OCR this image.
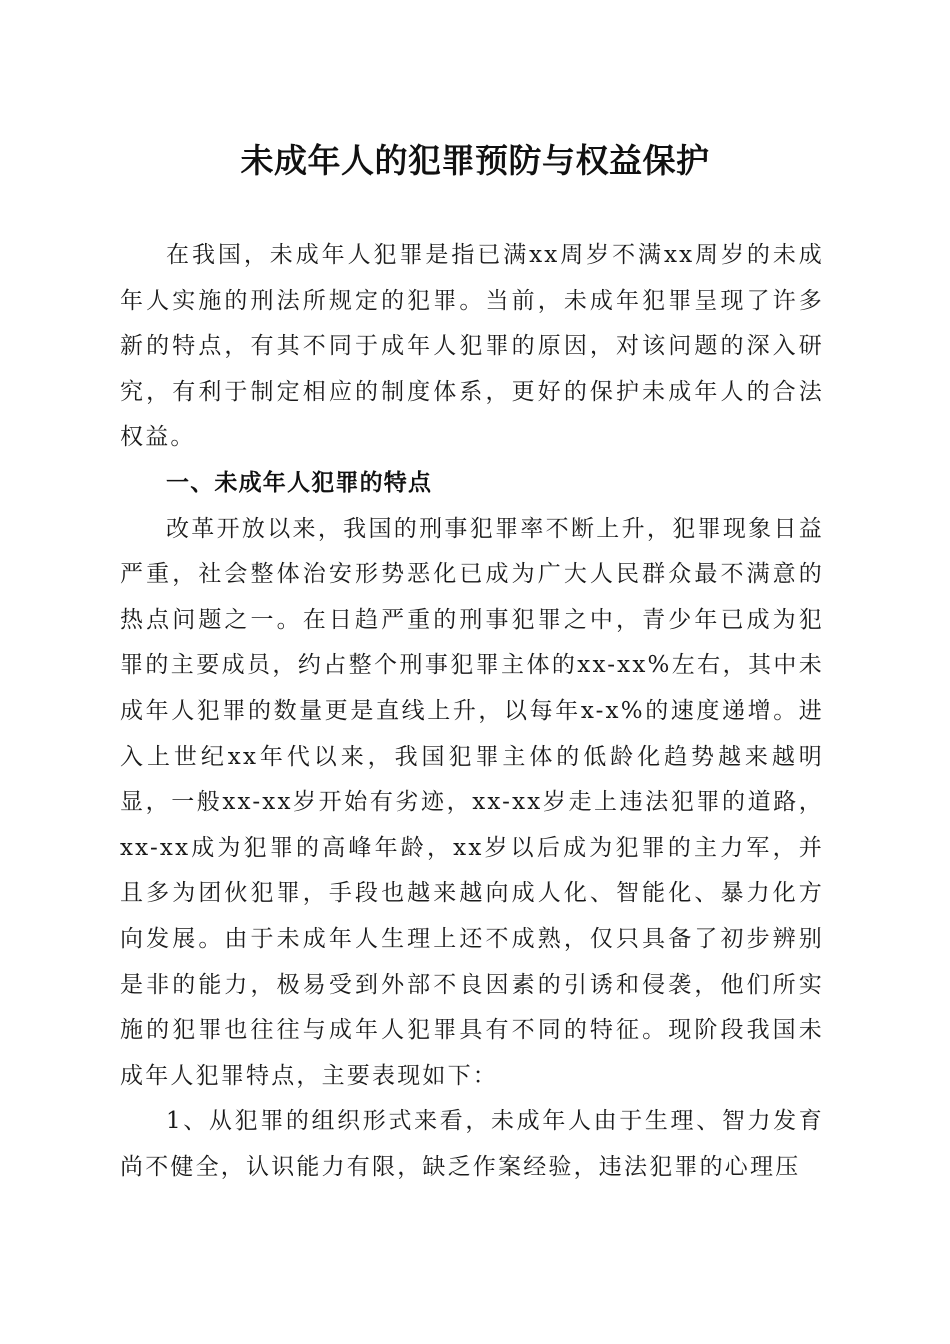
未成年人的犯罪预防与权益保护

在我国，未成年人犯罪是指已满xx周岁不满xx周岁的未成年人实施的刑法所规定的犯罪。当前，未成年犯罪呈现了许多新的特点，有其不同于成年人犯罪的原因，对该问题的深入研究，有利于制定相应的制度体系，更好的保护未成年人的合法权益。

一、未成年人犯罪的特点

改革开放以来，我国的刑事犯罪率不断上升，犯罪现象日益严重，社会整体治安形势恶化已成为广大人民群众最不满意的热点问题之一。在日趋严重的刑事犯罪之中，青少年已成为犯罪的主要成员，约占整个刑事犯罪主体的xx-xx%左右，其中未成年人犯罪的数量更是直线上升，以每年x-x%的速度递增。进入上世纪xx年代以来，我国犯罪主体的低龄化趋势越来越明显，一般xx-xx岁开始有劣迹，xx-xx岁走上违法犯罪的道路，xx-xx成为犯罪的高峰年龄，xx岁以后成为犯罪的主力军，并且多为团伙犯罪，手段也越来越向成人化、智能化、暴力化方向发展。由于未成年人生理上还不成熟，仅只具备了初步辨别是非的能力，极易受到外部不良因素的引诱和侵袭，他们所实施的犯罪也往往与成年人犯罪具有不同的特征。现阶段我国未成年人犯罪特点，主要表现如下：

1、从犯罪的组织形式来看，未成年人由于生理、智力发育尚不健全，认识能力有限，缺乏作案经验，违法犯罪的心理压
